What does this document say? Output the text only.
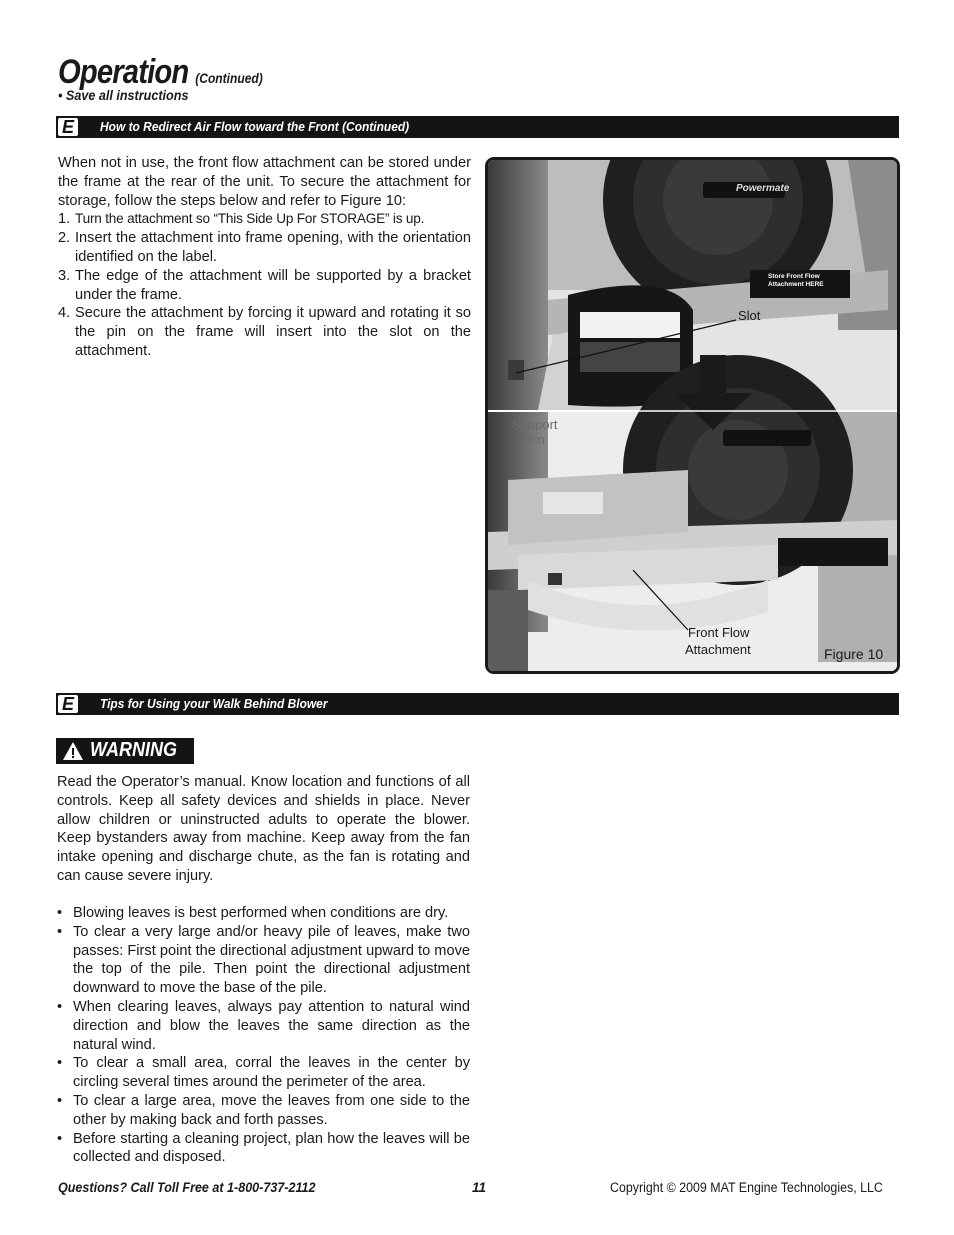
Operation (Continued)
• Save all instructions
E	How to Redirect Air Flow toward the Front (Continued)
When not in use, the front flow attachment can be stored under the frame at the rear of the unit. To secure the attachment for storage, follow the steps below and refer to Figure 10:
1. Turn the attachment so “This Side Up For STORAGE” is up.
2. Insert the attachment into frame opening, with the orientation identified on the label.
3. The edge of the attachment will be supported by a bracket under the frame.
4. Secure the attachment by forcing it upward and rotating it so the pin on the frame will insert into the slot on the attachment.
Slot
Support
Pin
Front Flow
Attachment	Figure 10
Powermate
Store Front Flow
Attachment HERE
E	Tips for Using your Walk Behind Blower
WARNING
Read the Operator’s manual. Know location and functions of all controls. Keep all safety devices and shields in place. Never allow children or uninstructed adults to operate the blower. Keep bystanders away from machine. Keep away from the fan intake opening and discharge chute, as the fan is rotating and can cause severe injury.
• Blowing leaves is best performed when conditions are dry.
• To clear a very large and/or heavy pile of leaves, make two passes: First point the directional adjustment upward to move the top of the pile. Then point the directional adjustment downward to move the base of the pile.
• When clearing leaves, always pay attention to natural wind direction and blow the leaves the same direction as the natural wind.
• To clear a small area, corral the leaves in the center by circling several times around the perimeter of the area.
• To clear a large area, move the leaves from one side to the other by making back and forth passes.
• Before starting a cleaning project, plan how the leaves will be collected and disposed.
Questions? Call Toll Free at 1-800-737-2112	11	Copyright © 2009 MAT Engine Technologies, LLC
